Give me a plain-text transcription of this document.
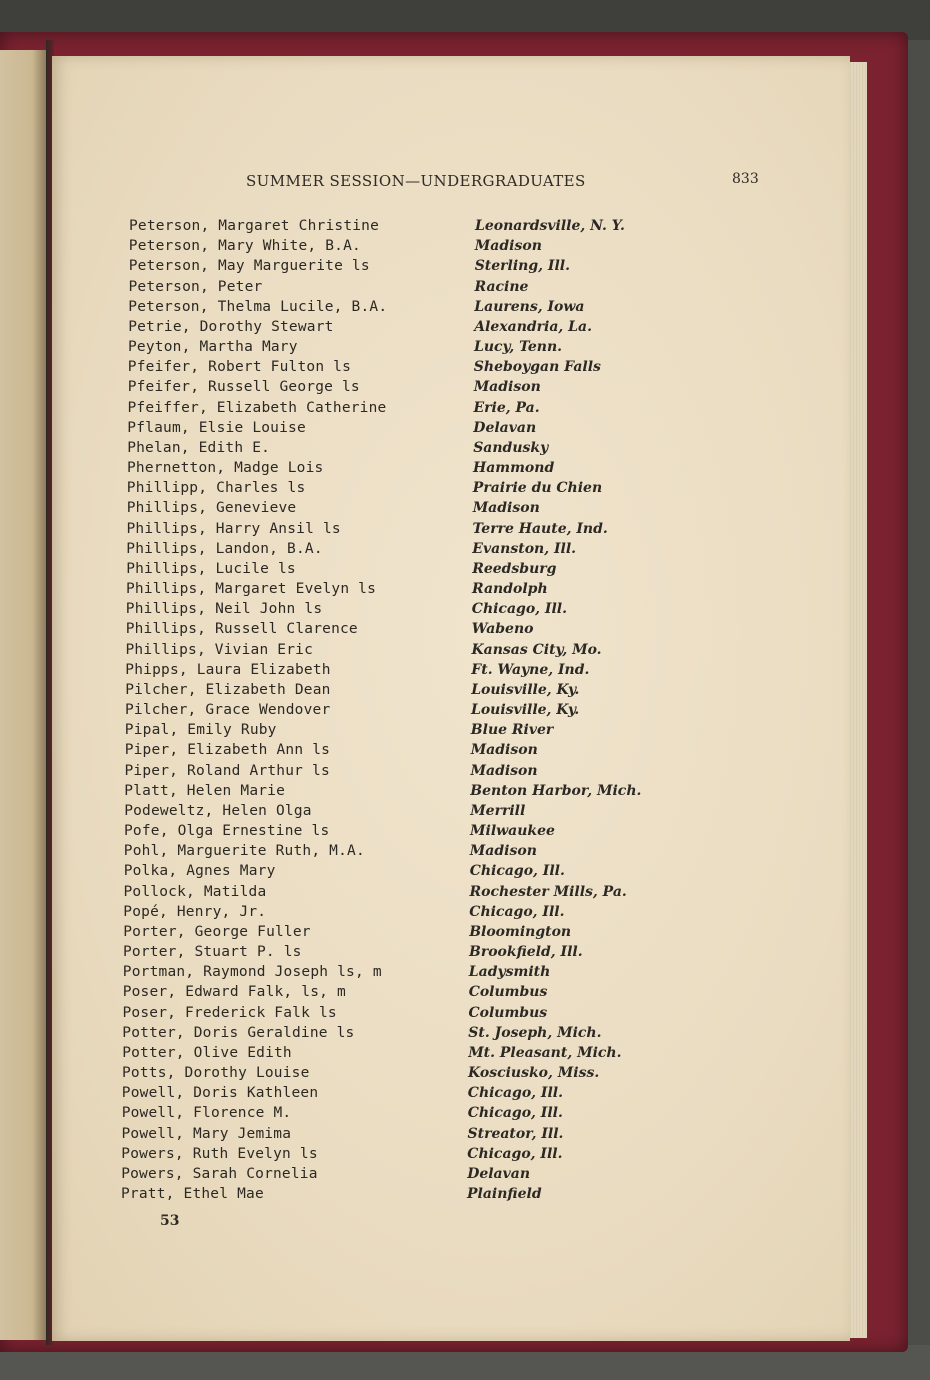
SUMMER SESSION—UNDERGRADUATES	833
Peterson, Margaret Christine	Leonardsville, N. Y.
Peterson, Mary White, B.A.	Madison
Peterson, May Marguerite ls	Sterling, Ill.
Peterson, Peter	Racine
Peterson, Thelma Lucile, B.A.	Laurens, Iowa
Petrie, Dorothy Stewart	Alexandria, La.
Peyton, Martha Mary	Lucy, Tenn.
Pfeifer, Robert Fulton ls	Sheboygan Falls
Pfeifer, Russell George ls	Madison
Pfeiffer, Elizabeth Catherine	Erie, Pa.
Pflaum, Elsie Louise	Delavan
Phelan, Edith E.	Sandusky
Phernetton, Madge Lois	Hammond
Phillipp, Charles ls	Prairie du Chien
Phillips, Genevieve	Madison
Phillips, Harry Ansil ls	Terre Haute, Ind.
Phillips, Landon, B.A.	Evanston, Ill.
Phillips, Lucile ls	Reedsburg
Phillips, Margaret Evelyn ls	Randolph
Phillips, Neil John ls	Chicago, Ill.
Phillips, Russell Clarence	Wabeno
Phillips, Vivian Eric	Kansas City, Mo.
Phipps, Laura Elizabeth	Ft. Wayne, Ind.
Pilcher, Elizabeth Dean	Louisville, Ky.
Pilcher, Grace Wendover	Louisville, Ky.
Pipal, Emily Ruby	Blue River
Piper, Elizabeth Ann ls	Madison
Piper, Roland Arthur ls	Madison
Platt, Helen Marie	Benton Harbor, Mich.
Podeweltz, Helen Olga	Merrill
Pofe, Olga Ernestine ls	Milwaukee
Pohl, Marguerite Ruth, M.A.	Madison
Polka, Agnes Mary	Chicago, Ill.
Pollock, Matilda	Rochester Mills, Pa.
Popé, Henry, Jr.	Chicago, Ill.
Porter, George Fuller	Bloomington
Porter, Stuart P. ls	Brookfield, Ill.
Portman, Raymond Joseph ls, m	Ladysmith
Poser, Edward Falk, ls, m	Columbus
Poser, Frederick Falk ls	Columbus
Potter, Doris Geraldine ls	St. Joseph, Mich.
Potter, Olive Edith	Mt. Pleasant, Mich.
Potts, Dorothy Louise	Kosciusko, Miss.
Powell, Doris Kathleen	Chicago, Ill.
Powell, Florence M.	Chicago, Ill.
Powell, Mary Jemima	Streator, Ill.
Powers, Ruth Evelyn ls	Chicago, Ill.
Powers, Sarah Cornelia	Delavan
Pratt, Ethel Mae	Plainfield
53
